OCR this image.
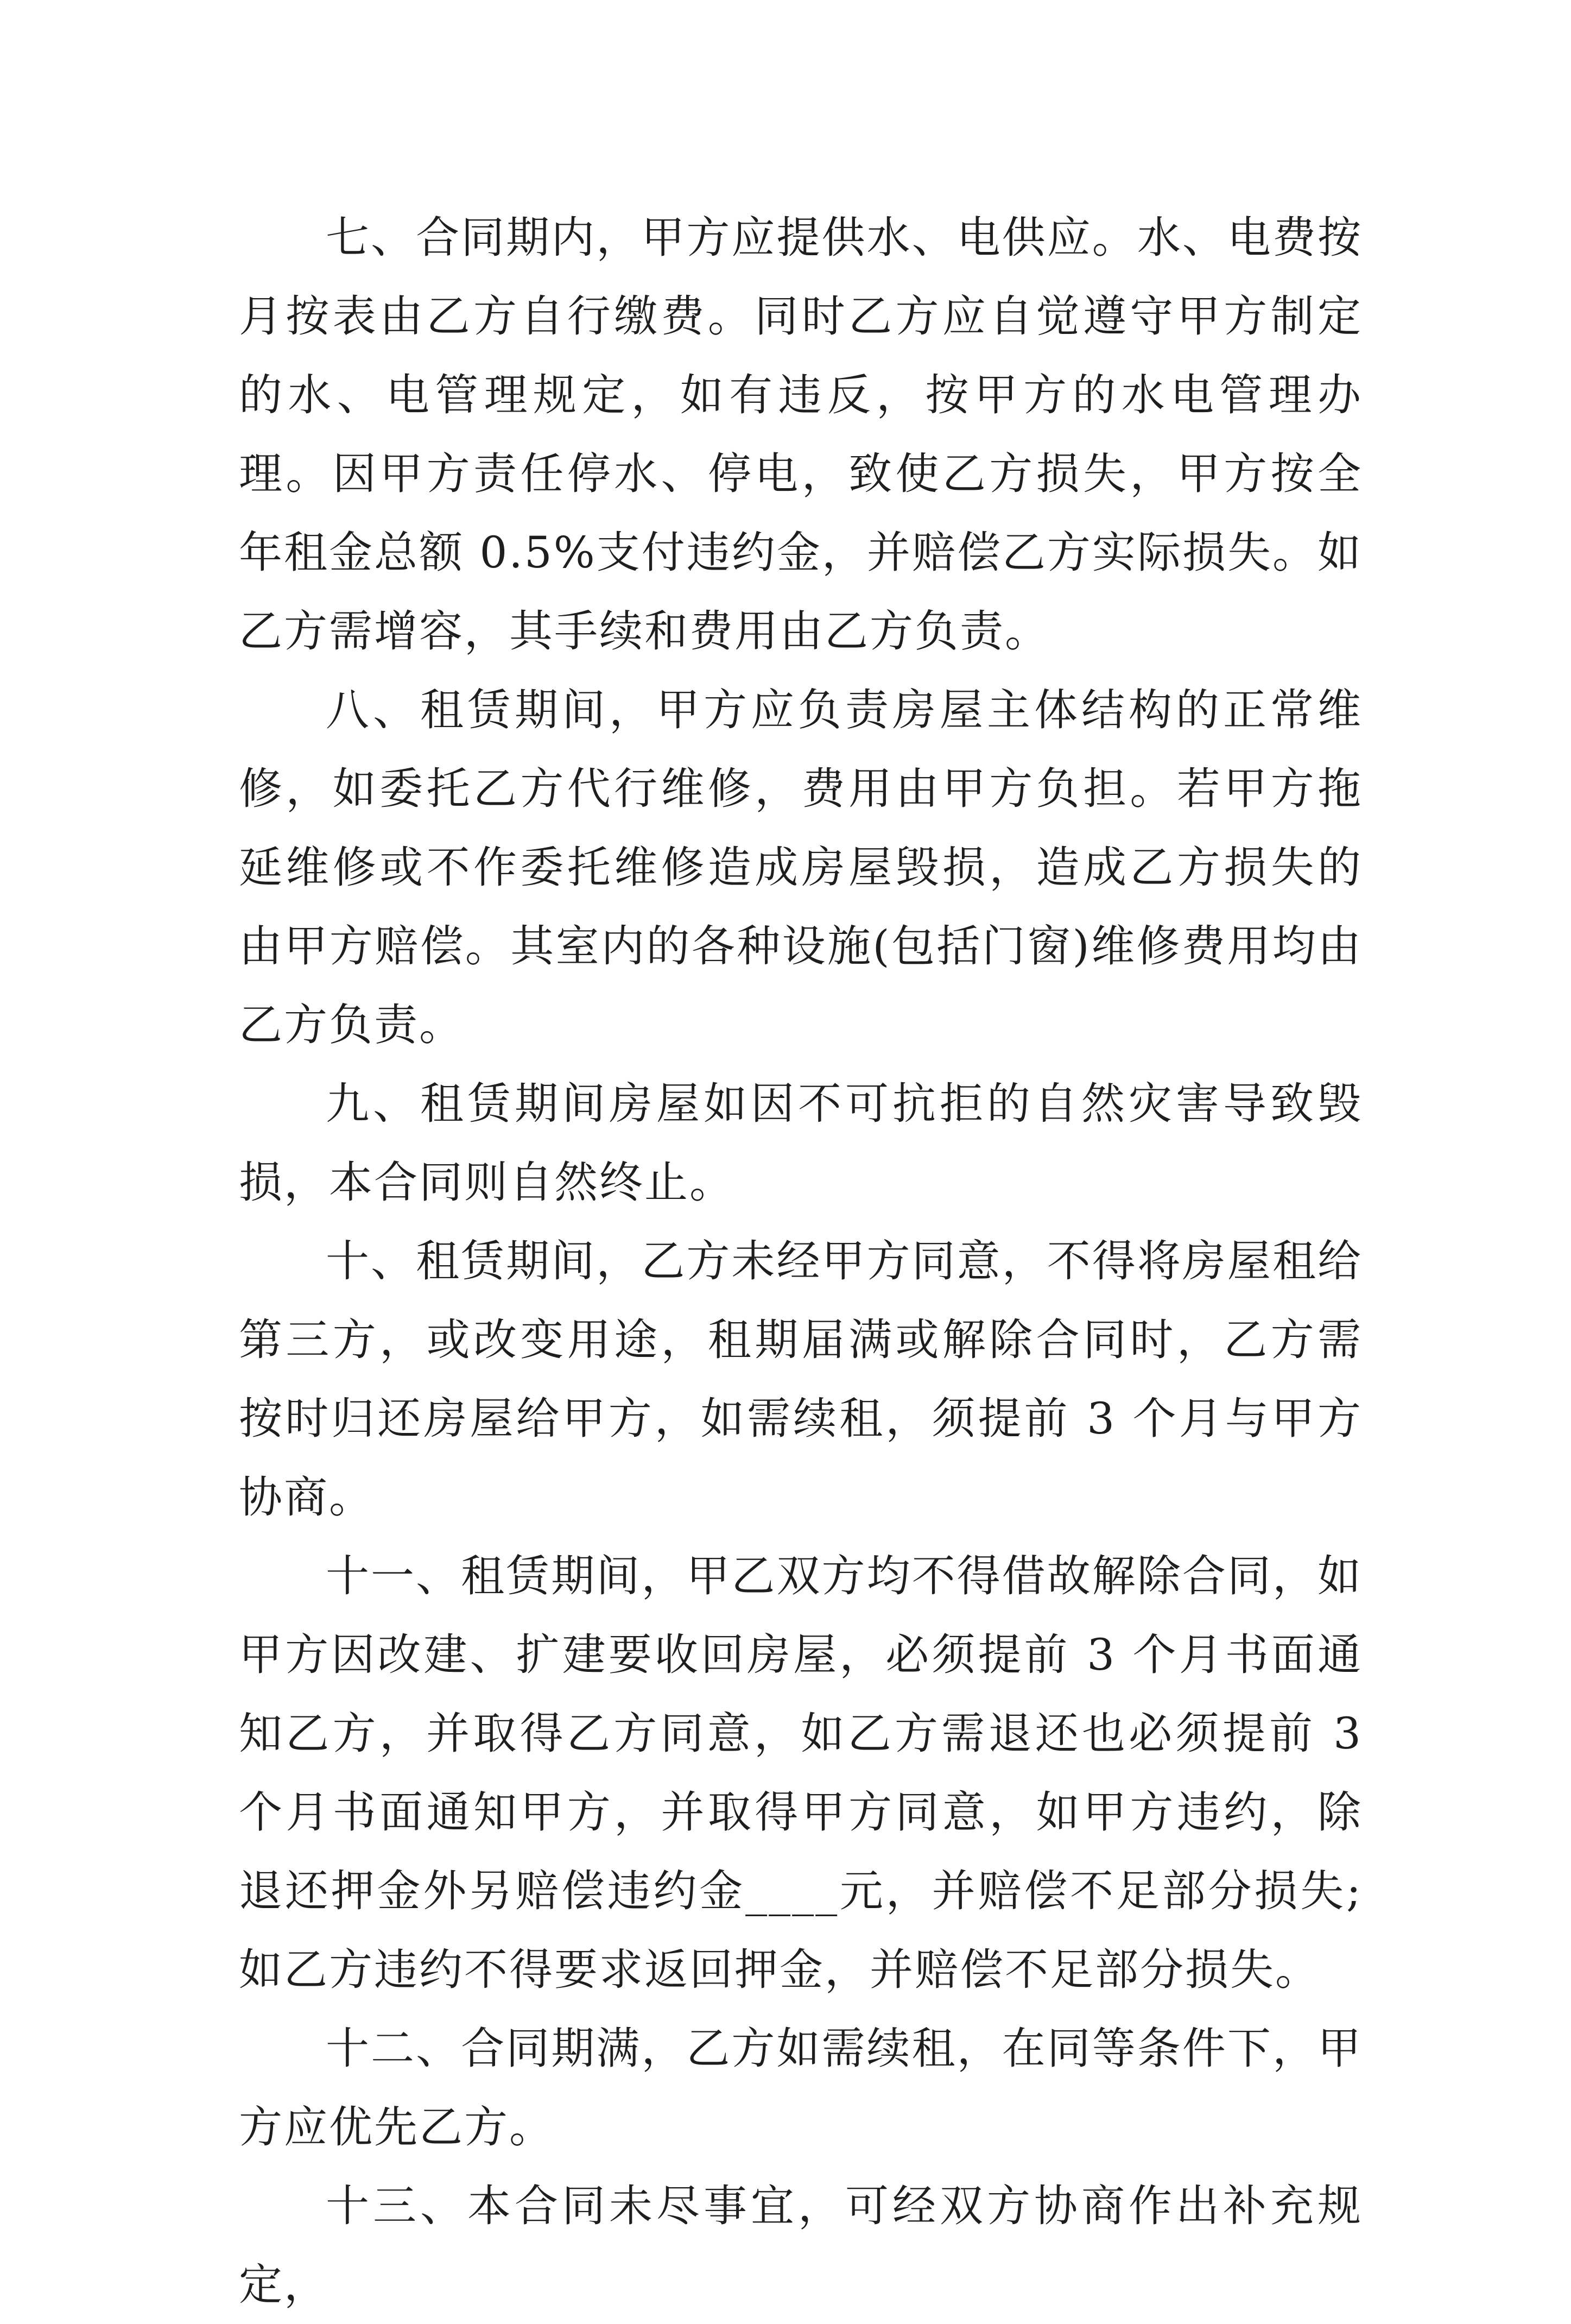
七、合同期内，甲方应提供水、电供应。水、电费按月按表由乙方自行缴费。同时乙方应自觉遵守甲方制定的水、电管理规定，如有违反，按甲方的水电管理办理。因甲方责任停水、停电，致使乙方损失，甲方按全年租金总额 0.5%支付违约金，并赔偿乙方实际损失。如乙方需增容，其手续和费用由乙方负责。

八、租赁期间，甲方应负责房屋主体结构的正常维修，如委托乙方代行维修，费用由甲方负担。若甲方拖延维修或不作委托维修造成房屋毁损，造成乙方损失的由甲方赔偿。其室内的各种设施(包括门窗)维修费用均由乙方负责。

九、租赁期间房屋如因不可抗拒的自然灾害导致毁损，本合同则自然终止。

十、租赁期间，乙方未经甲方同意，不得将房屋租给第三方，或改变用途，租期届满或解除合同时，乙方需按时归还房屋给甲方，如需续租，须提前 3 个月与甲方协商。

十一、租赁期间，甲乙双方均不得借故解除合同，如甲方因改建、扩建要收回房屋，必须提前 3 个月书面通知乙方，并取得乙方同意，如乙方需退还也必须提前 3 个月书面通知甲方，并取得甲方同意，如甲方违约，除退还押金外另赔偿违约金____元，并赔偿不足部分损失;如乙方违约不得要求返回押金，并赔偿不足部分损失。

十二、合同期满，乙方如需续租，在同等条件下，甲方应优先乙方。

十三、本合同未尽事宜，可经双方协商作出补充规定，
